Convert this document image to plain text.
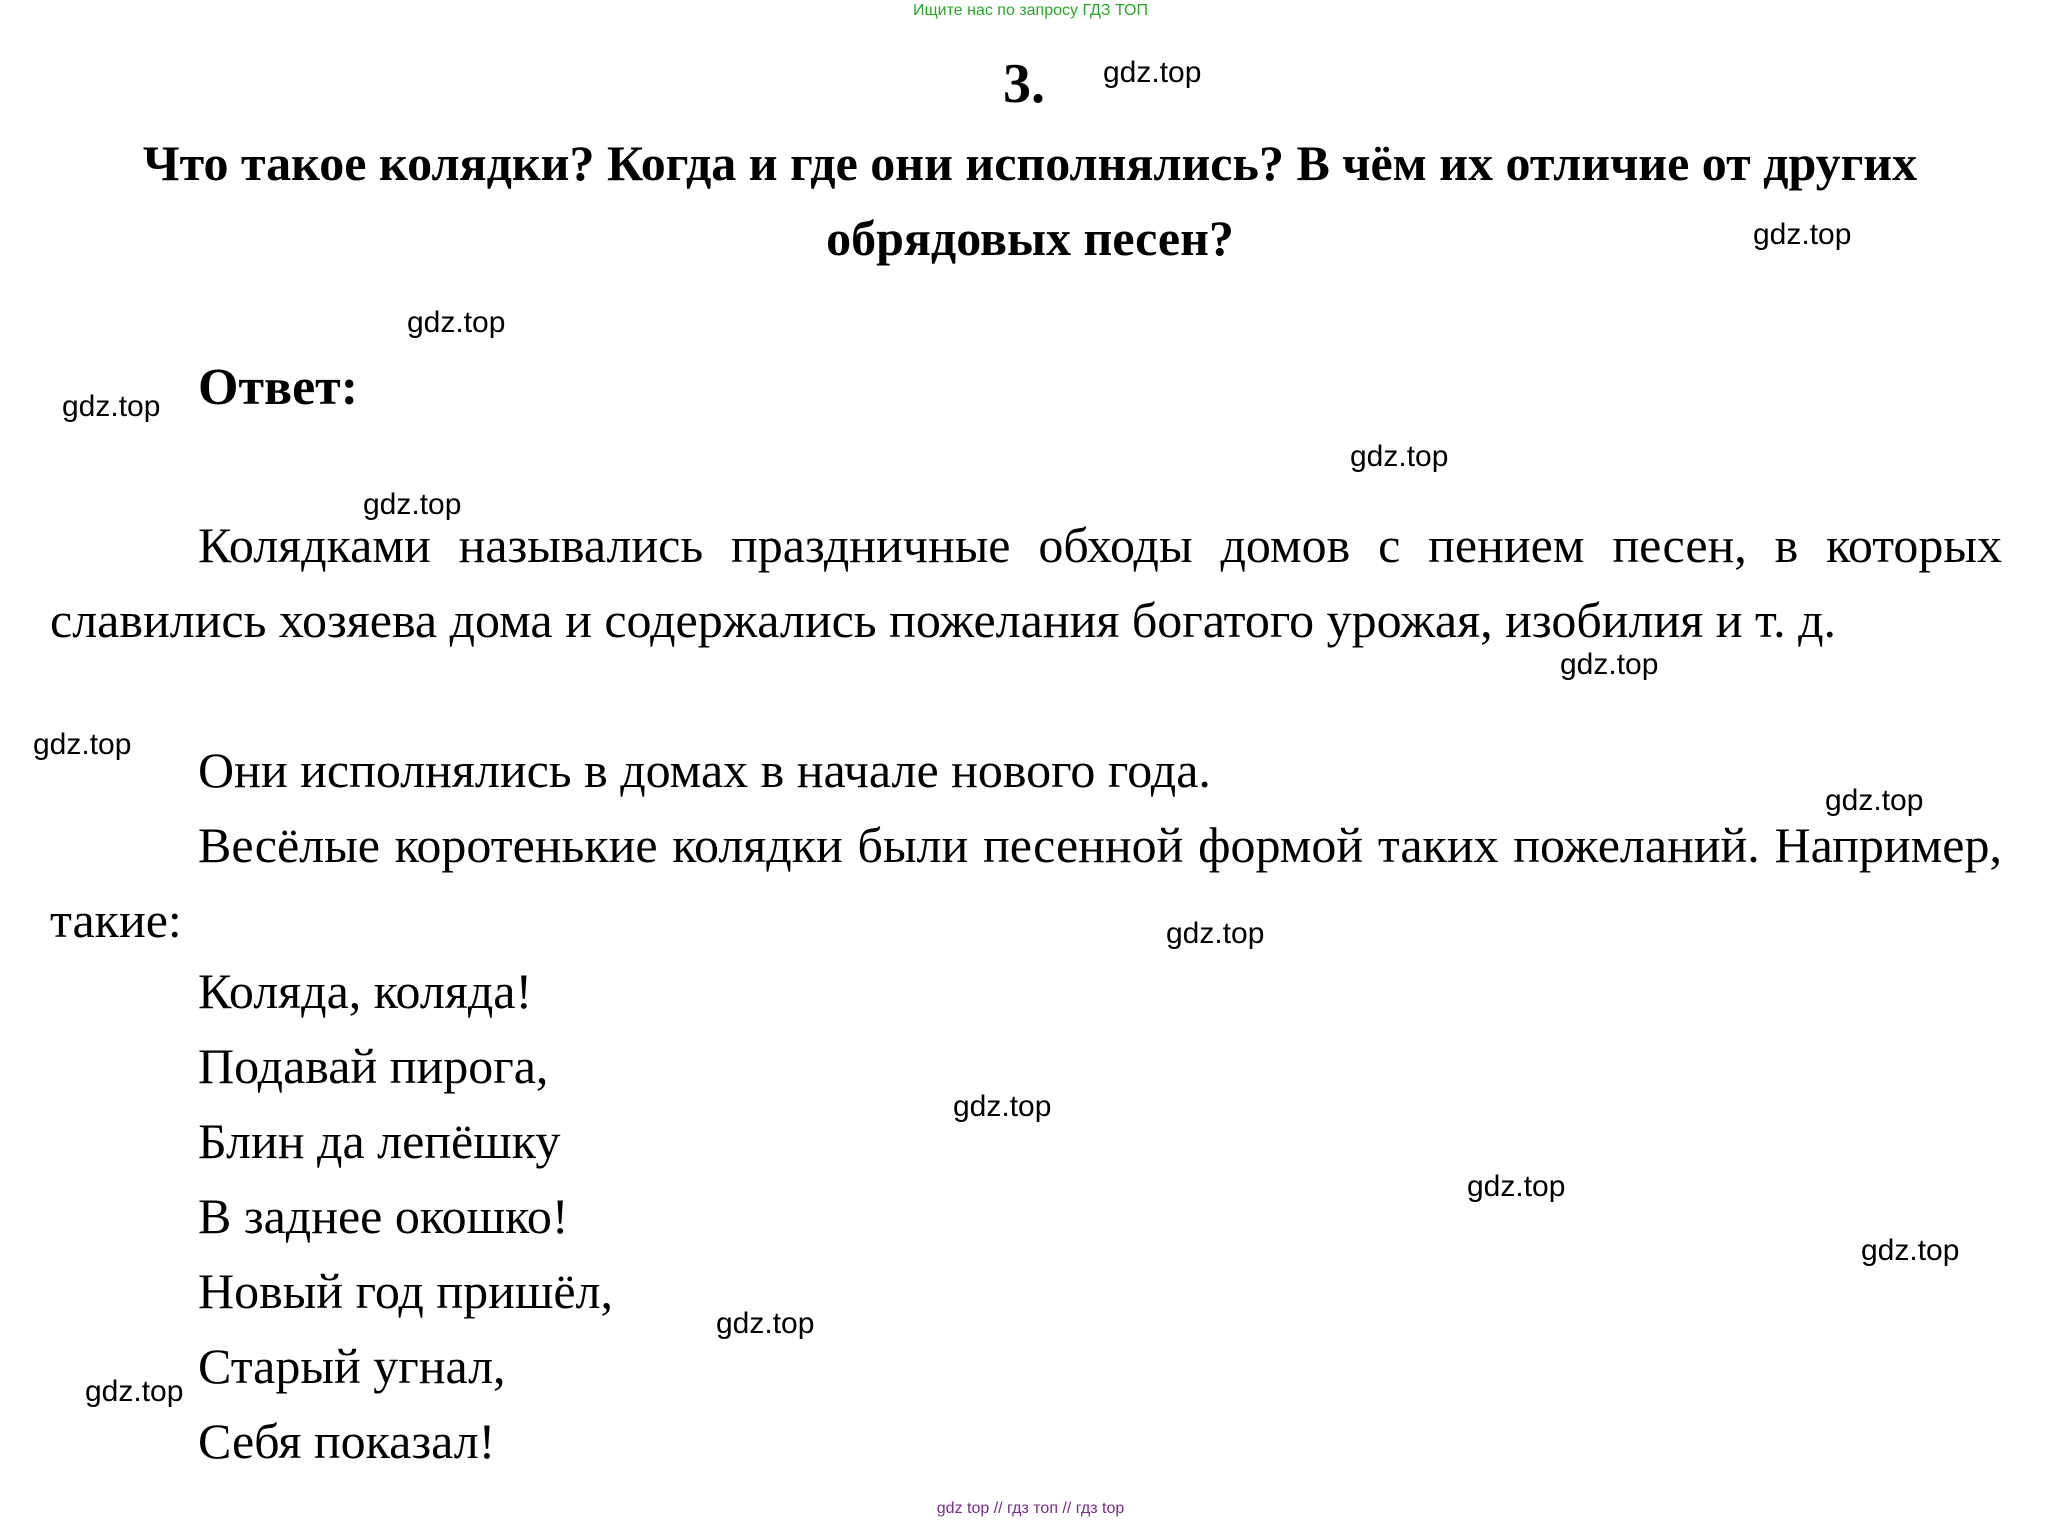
Ищите нас по запросу ГДЗ ТОП
3.
Что такое колядки? Когда и где они исполнялись? В чём их отличие от других обрядовых песен?
Ответ:
Колядками назывались праздничные обходы домов с пением песен, в которых славились хозяева дома и содержались пожелания богатого урожая, изобилия и т. д.
Они исполнялись в домах в начале нового года.
Весёлые коротенькие колядки были песенной формой таких пожеланий. Например, такие:
Коляда, коляда!
Подавай пирога,
Блин да лепёшку
В заднее окошко!
Новый год пришёл,
Старый угнал,
Себя показал!
gdz.top
gdz.top
gdz.top
gdz.top
gdz.top
gdz.top
gdz.top
gdz.top
gdz.top
gdz.top
gdz.top
gdz.top
gdz.top
gdz.top
gdz.top
gdz top // гдз топ // гдз top
